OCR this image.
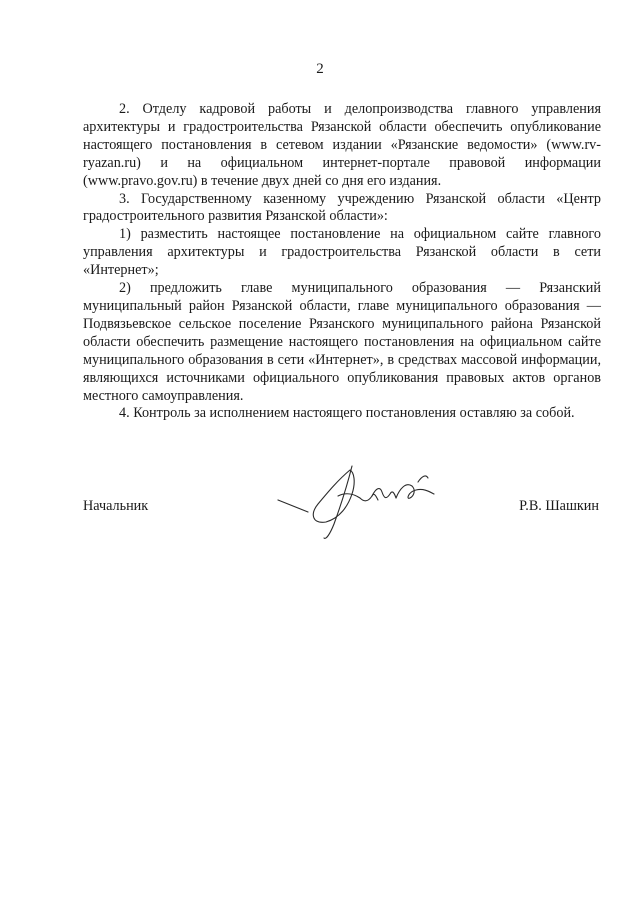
2

2. Отделу кадровой работы и делопроизводства главного управления архитектуры и градостроительства Рязанской области обеспечить опубликование настоящего постановления в сетевом издании «Рязанские ведомости» (www.rv-ryazan.ru) и на официальном интернет-портале правовой информации (www.pravo.gov.ru) в течение двух дней со дня его издания.

3. Государственному казенному учреждению Рязанской области «Центр градостроительного развития Рязанской области»:

1) разместить настоящее постановление на официальном сайте главного управления архитектуры и градостроительства Рязанской области в сети «Интернет»;

2) предложить главе муниципального образования — Рязанский муниципальный район Рязанской области, главе муниципального образования — Подвязьевское сельское поселение Рязанского муниципального района Рязанской области обеспечить размещение настоящего постановления на официальном сайте муниципального образования в сети «Интернет», в средствах массовой информации, являющихся источниками официального опубликования правовых актов органов местного самоуправления.

4. Контроль за исполнением настоящего постановления оставляю за собой.

Начальник	Р.В. Шашкин
